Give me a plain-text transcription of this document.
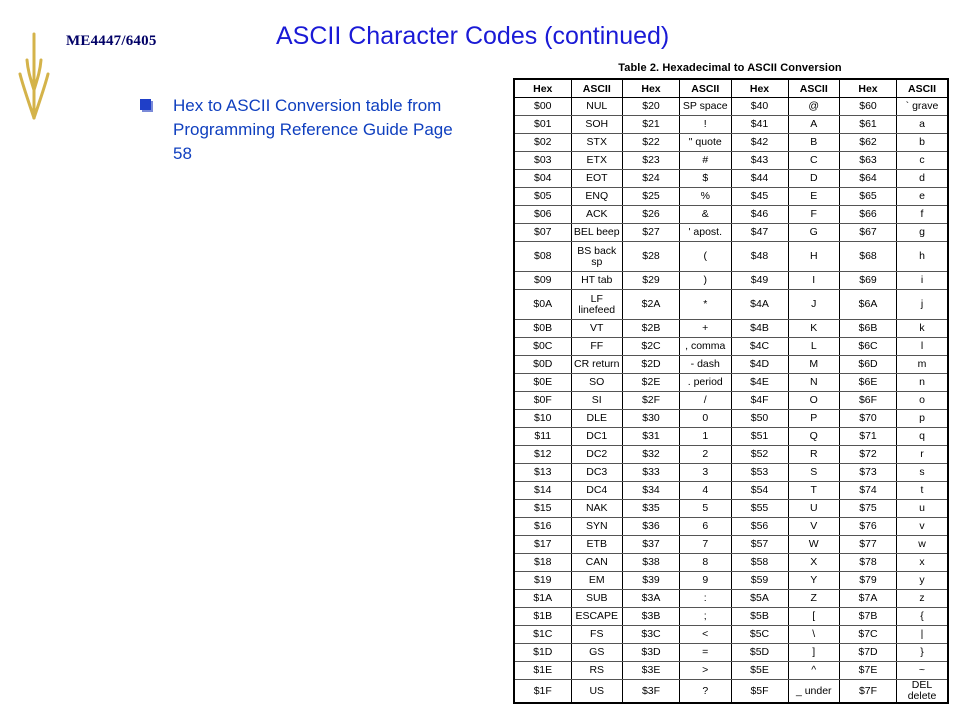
ME4447/6405	ASCII Character Codes (continued)
Hex to ASCII Conversion table from Programming Reference Guide Page 58
Table 2. Hexadecimal to ASCII Conversion
Hex	ASCII	Hex	ASCII	Hex	ASCII	Hex	ASCII
$00	NUL	$20	SP space	$40	@	$60	` grave
$01	SOH	$21	!	$41	A	$61	a
$02	STX	$22	" quote	$42	B	$62	b
$03	ETX	$23	#	$43	C	$63	c
$04	EOT	$24	$	$44	D	$64	d
$05	ENQ	$25	%	$45	E	$65	e
$06	ACK	$26	&	$46	F	$66	f
$07	BEL beep	$27	' apost.	$47	G	$67	g
$08	BS back sp	$28	(	$48	H	$68	h
$09	HT tab	$29	)	$49	I	$69	i
$0A	LF linefeed	$2A	*	$4A	J	$6A	j
$0B	VT	$2B	+	$4B	K	$6B	k
$0C	FF	$2C	, comma	$4C	L	$6C	l
$0D	CR return	$2D	- dash	$4D	M	$6D	m
$0E	SO	$2E	. period	$4E	N	$6E	n
$0F	SI	$2F	/	$4F	O	$6F	o
$10	DLE	$30	0	$50	P	$70	p
$11	DC1	$31	1	$51	Q	$71	q
$12	DC2	$32	2	$52	R	$72	r
$13	DC3	$33	3	$53	S	$73	s
$14	DC4	$34	4	$54	T	$74	t
$15	NAK	$35	5	$55	U	$75	u
$16	SYN	$36	6	$56	V	$76	v
$17	ETB	$37	7	$57	W	$77	w
$18	CAN	$38	8	$58	X	$78	x
$19	EM	$39	9	$59	Y	$79	y
$1A	SUB	$3A	:	$5A	Z	$7A	z
$1B	ESCAPE	$3B	;	$5B	[	$7B	{
$1C	FS	$3C	<	$5C	\	$7C	|
$1D	GS	$3D	=	$5D	]	$7D	}
$1E	RS	$3E	>	$5E	^	$7E	~
$1F	US	$3F	?	$5F	_ under	$7F	DEL delete
